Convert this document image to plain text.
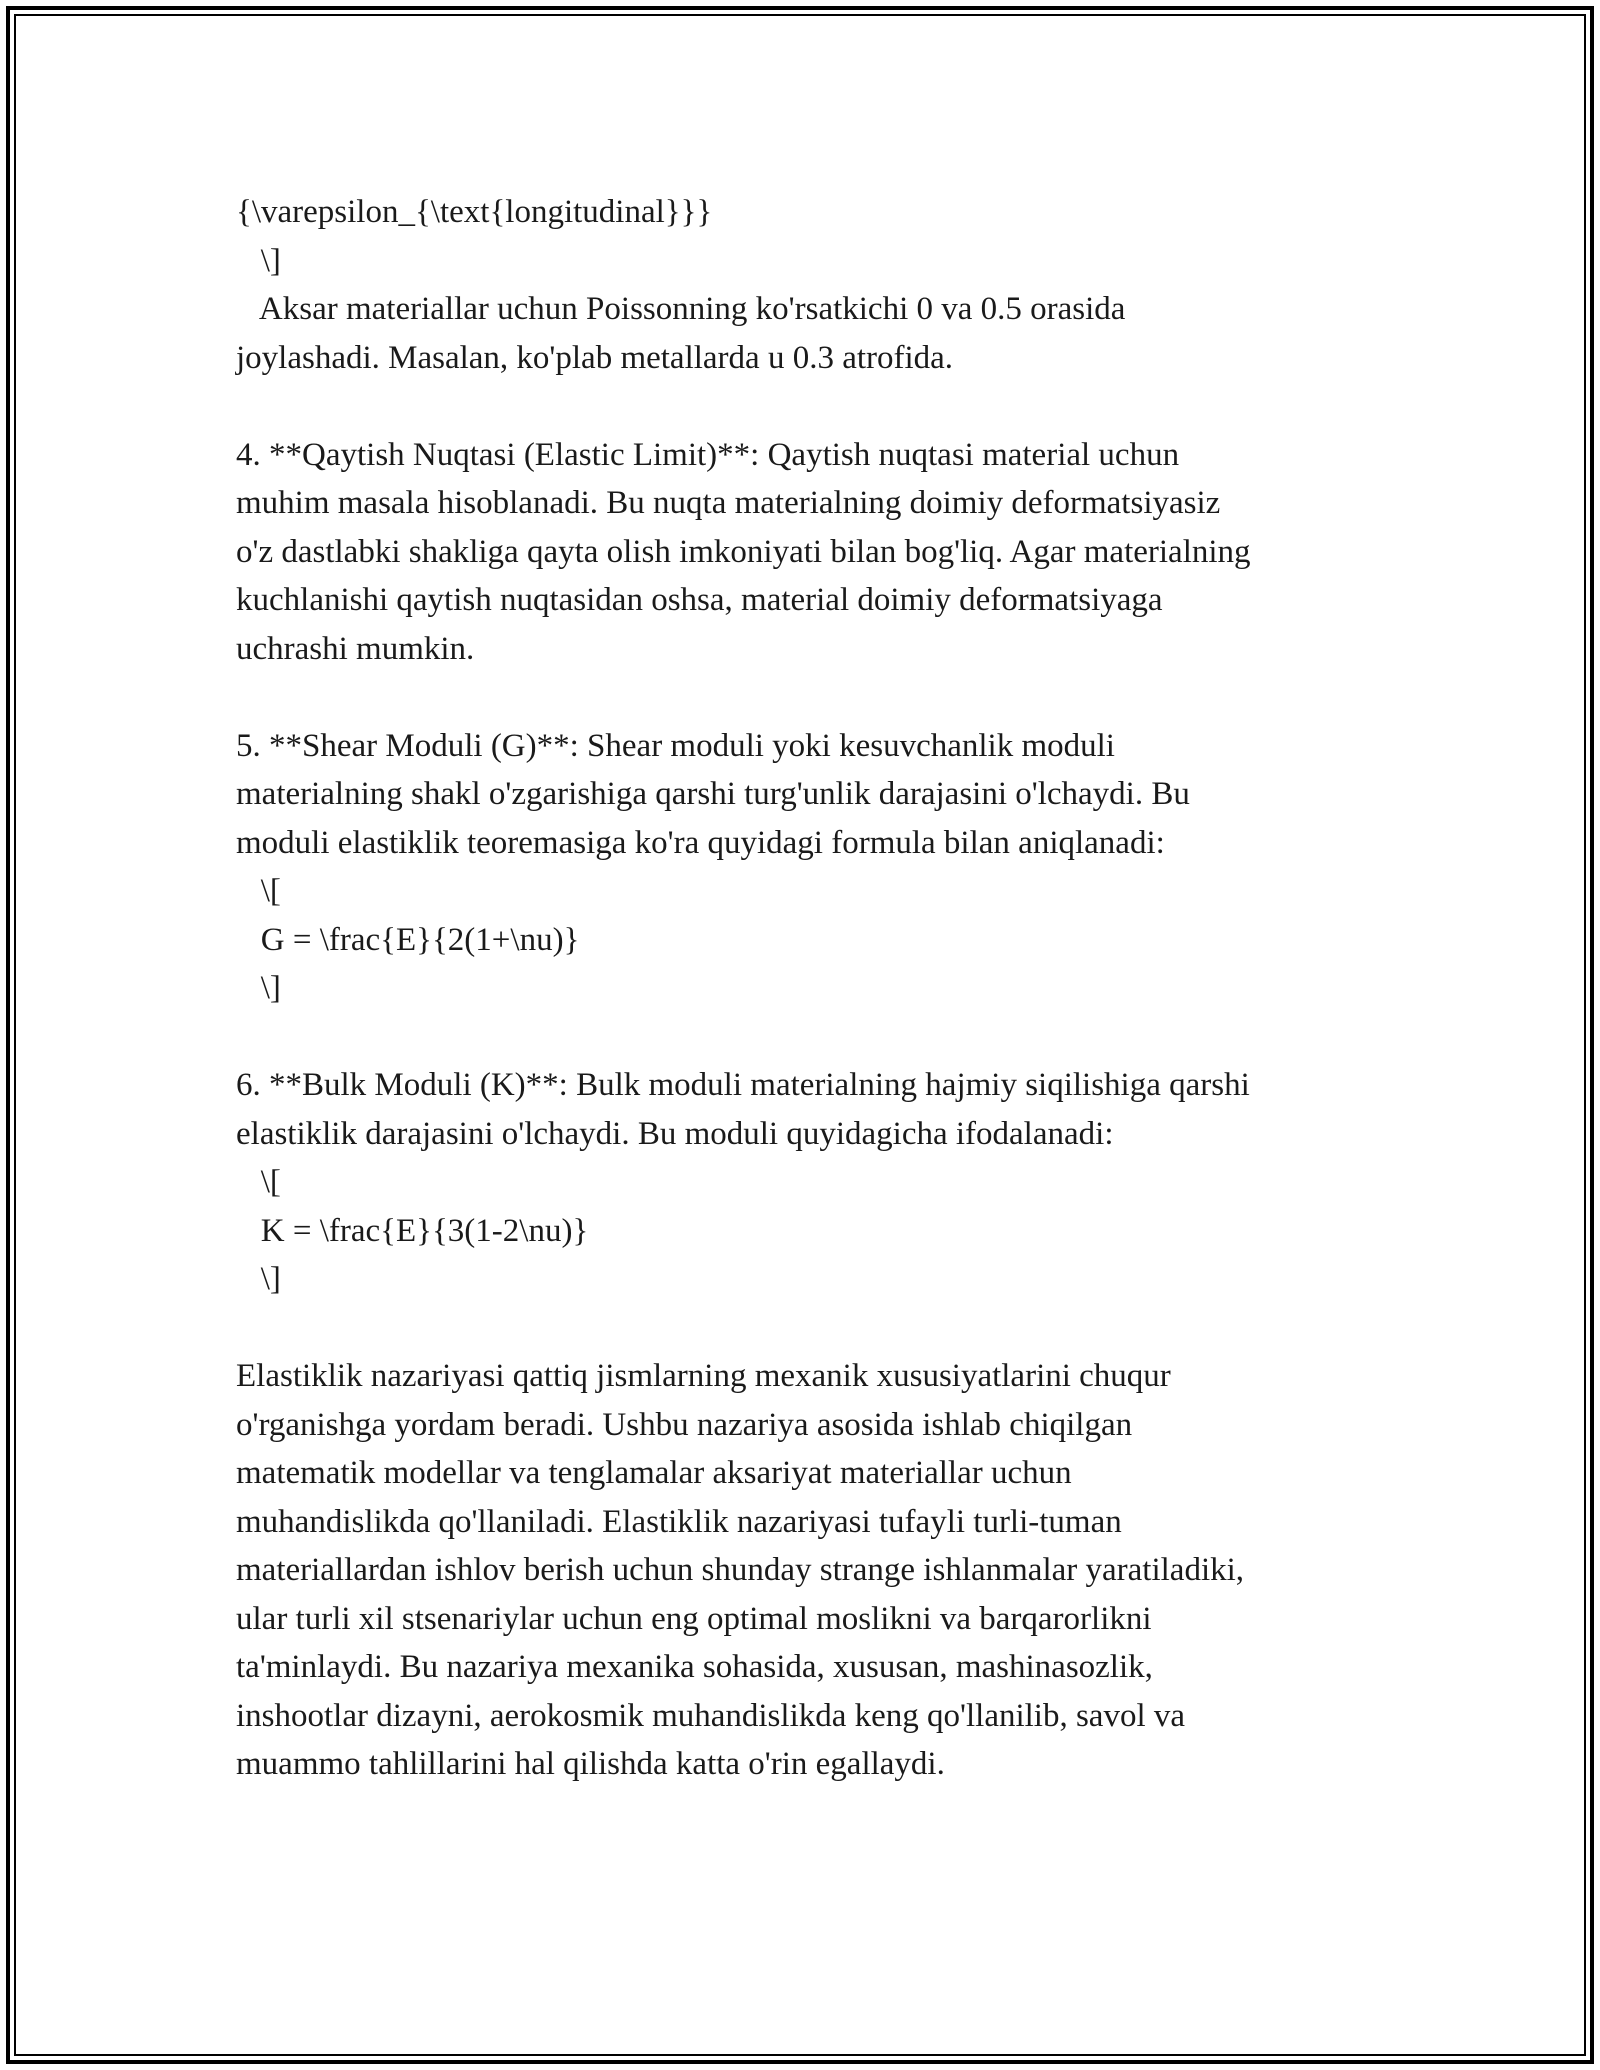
{\varepsilon_{\text{longitudinal}}}
\]
Aksar materiallar uchun Poissonning ko'rsatkichi 0 va 0.5 orasida
joylashadi. Masalan, ko'plab metallarda u 0.3 atrofida.
4. **Qaytish Nuqtasi (Elastic Limit)**: Qaytish nuqtasi material uchun
muhim masala hisoblanadi. Bu nuqta materialning doimiy deformatsiyasiz
o'z dastlabki shakliga qayta olish imkoniyati bilan bog'liq. Agar materialning
kuchlanishi qaytish nuqtasidan oshsa, material doimiy deformatsiyaga
uchrashi mumkin.
5. **Shear Moduli (G)**: Shear moduli yoki kesuvchanlik moduli
materialning shakl o'zgarishiga qarshi turg'unlik darajasini o'lchaydi. Bu
moduli elastiklik teoremasiga ko'ra quyidagi formula bilan aniqlanadi:
\[
G = \frac{E}{2(1+\nu)}
\]
6. **Bulk Moduli (K)**: Bulk moduli materialning hajmiy siqilishiga qarshi
elastiklik darajasini o'lchaydi. Bu moduli quyidagicha ifodalanadi:
\[
K = \frac{E}{3(1-2\nu)}
\]
Elastiklik nazariyasi qattiq jismlarning mexanik xususiyatlarini chuqur
o'rganishga yordam beradi. Ushbu nazariya asosida ishlab chiqilgan
matematik modellar va tenglamalar aksariyat materiallar uchun
muhandislikda qo'llaniladi. Elastiklik nazariyasi tufayli turli-tuman
materiallardan ishlov berish uchun shunday strange ishlanmalar yaratiladiki,
ular turli xil stsenariylar uchun eng optimal moslikni va barqarorlikni
ta'minlaydi. Bu nazariya mexanika sohasida, xususan, mashinasozlik,
inshootlar dizayni, aerokosmik muhandislikda keng qo'llanilib, savol va
muammo tahlillarini hal qilishda katta o'rin egallaydi.
